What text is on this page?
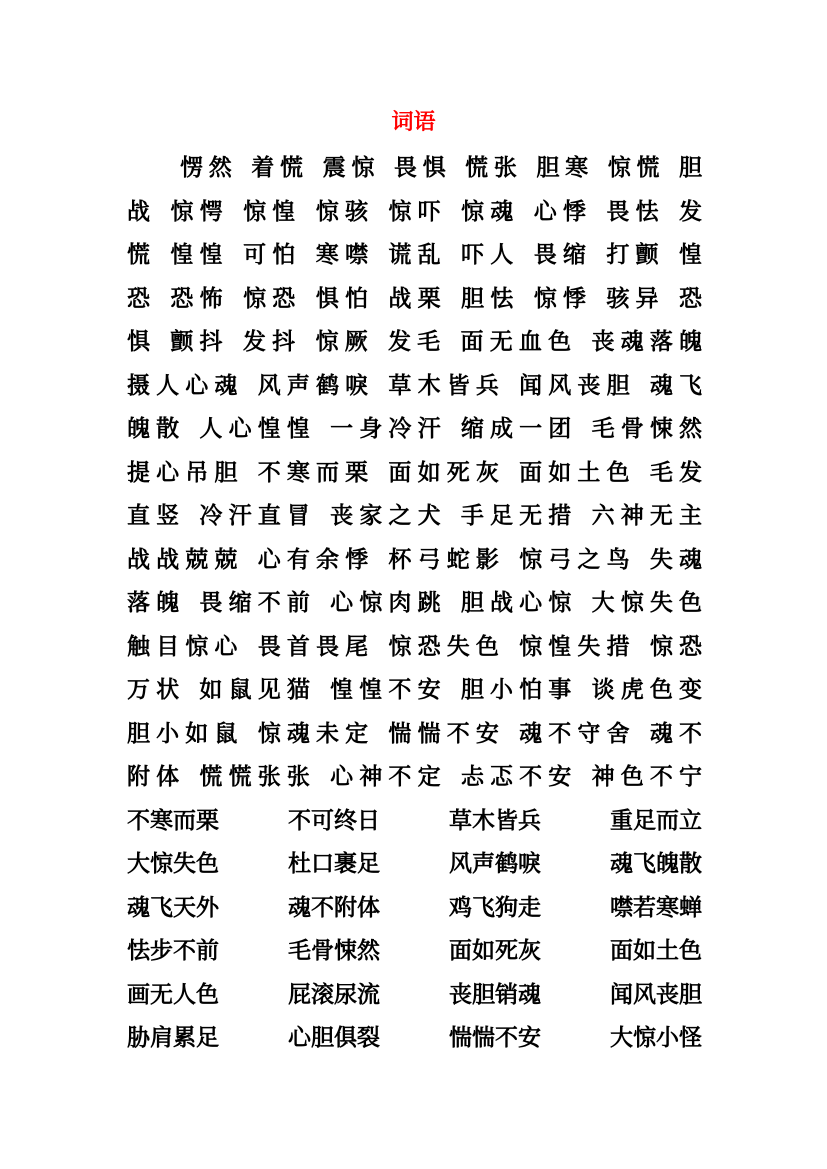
词语
愣然 着慌 震惊 畏惧 慌张 胆寒 惊慌 胆
战 惊愕 惊惶 惊骇 惊吓 惊魂 心悸 畏怯 发
慌 惶惶 可怕 寒噤 谎乱 吓人 畏缩 打颤 惶
恐 恐怖 惊恐 惧怕 战栗 胆怯 惊悸 骇异 恐
惧 颤抖 发抖 惊厥 发毛 面无血色 丧魂落魄
摄人心魂 风声鹤唳 草木皆兵 闻风丧胆 魂飞
魄散 人心惶惶 一身冷汗 缩成一团 毛骨悚然
提心吊胆 不寒而栗 面如死灰 面如土色 毛发
直竖 冷汗直冒 丧家之犬 手足无措 六神无主
战战兢兢 心有余悸 杯弓蛇影 惊弓之鸟 失魂
落魄 畏缩不前 心惊肉跳 胆战心惊 大惊失色
触目惊心 畏首畏尾 惊恐失色 惊惶失措 惊恐
万状 如鼠见猫 惶惶不安 胆小怕事 谈虎色变
胆小如鼠 惊魂未定 惴惴不安 魂不守舍 魂不
附体 慌慌张张 心神不定 忐忑不安 神色不宁
不寒而栗	不可终日	草木皆兵	重足而立
大惊失色	杜口裹足	风声鹤唳	魂飞魄散
魂飞天外	魂不附体	鸡飞狗走	噤若寒蝉
怯步不前	毛骨悚然	面如死灰	面如土色
画无人色	屁滚尿流	丧胆销魂	闻风丧胆
胁肩累足	心胆俱裂	惴惴不安	大惊小怪
